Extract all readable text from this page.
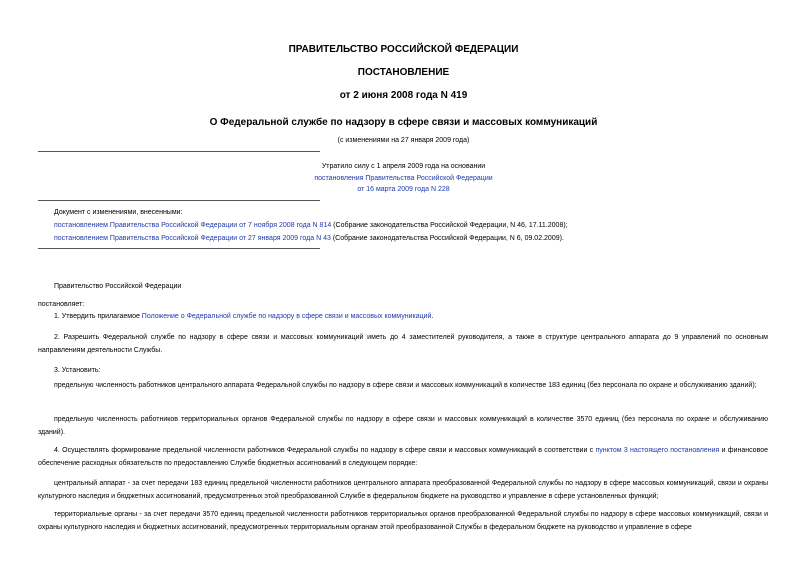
ПРАВИТЕЛЬСТВО РОССИЙСКОЙ ФЕДЕРАЦИИ
ПОСТАНОВЛЕНИЕ
от 2 июня 2008 года N 419
О Федеральной службе по надзору в сфере связи и массовых коммуникаций
(с изменениями на 27 января 2009 года)
Утратило силу с 1 апреля 2009 года на основании
постановления Правительства Российской Федерации
от 16 марта 2009 года N 228
Документ с изменениями, внесенными:
постановлением Правительства Российской Федерации от 7 ноября 2008 года N 814 (Собрание законодательства Российской Федерации, N 46, 17.11.2008);
постановлением Правительства Российской Федерации от 27 января 2009 года N 43 (Собрание законодательства Российской Федерации, N 6, 09.02.2009).
Правительство Российской Федерации
постановляет:
1. Утвердить прилагаемое Положение о Федеральной службе по надзору в сфере связи и массовых коммуникаций.
2. Разрешить Федеральной службе по надзору в сфере связи и массовых коммуникаций иметь до 4 заместителей руководителя, а также в структуре центрального аппарата до 9 управлений по основным направлениям деятельности Службы.
3. Установить:
предельную численность работников центрального аппарата Федеральной службы по надзору в сфере связи и массовых коммуникаций в количестве 183 единиц (без персонала по охране и обслуживанию зданий);
предельную численность работников территориальных органов Федеральной службы по надзору в сфере связи и массовых коммуникаций в количестве 3570 единиц (без персонала по охране и обслуживанию зданий).
4. Осуществлять формирование предельной численности работников Федеральной службы по надзору в сфере связи и массовых коммуникаций в соответствии с пунктом 3 настоящего постановления и финансовое обеспечение расходных обязательств по предоставлению Службе бюджетных ассигнований в следующем порядке:
центральный аппарат - за счет передачи 183 единиц предельной численности работников центрального аппарата преобразованной Федеральной службы по надзору в сфере массовых коммуникаций, связи и охраны культурного наследия и бюджетных ассигнований, предусмотренных этой преобразованной Службе в федеральном бюджете на руководство и управление в сфере установленных функций;
территориальные органы - за счет передачи 3570 единиц предельной численности работников территориальных органов преобразованной Федеральной службы по надзору в сфере массовых коммуникаций, связи и охраны культурного наследия и бюджетных ассигнований, предусмотренных территориальным органам этой преобразованной Службы в федеральном бюджете на руководство и управление в сфере
